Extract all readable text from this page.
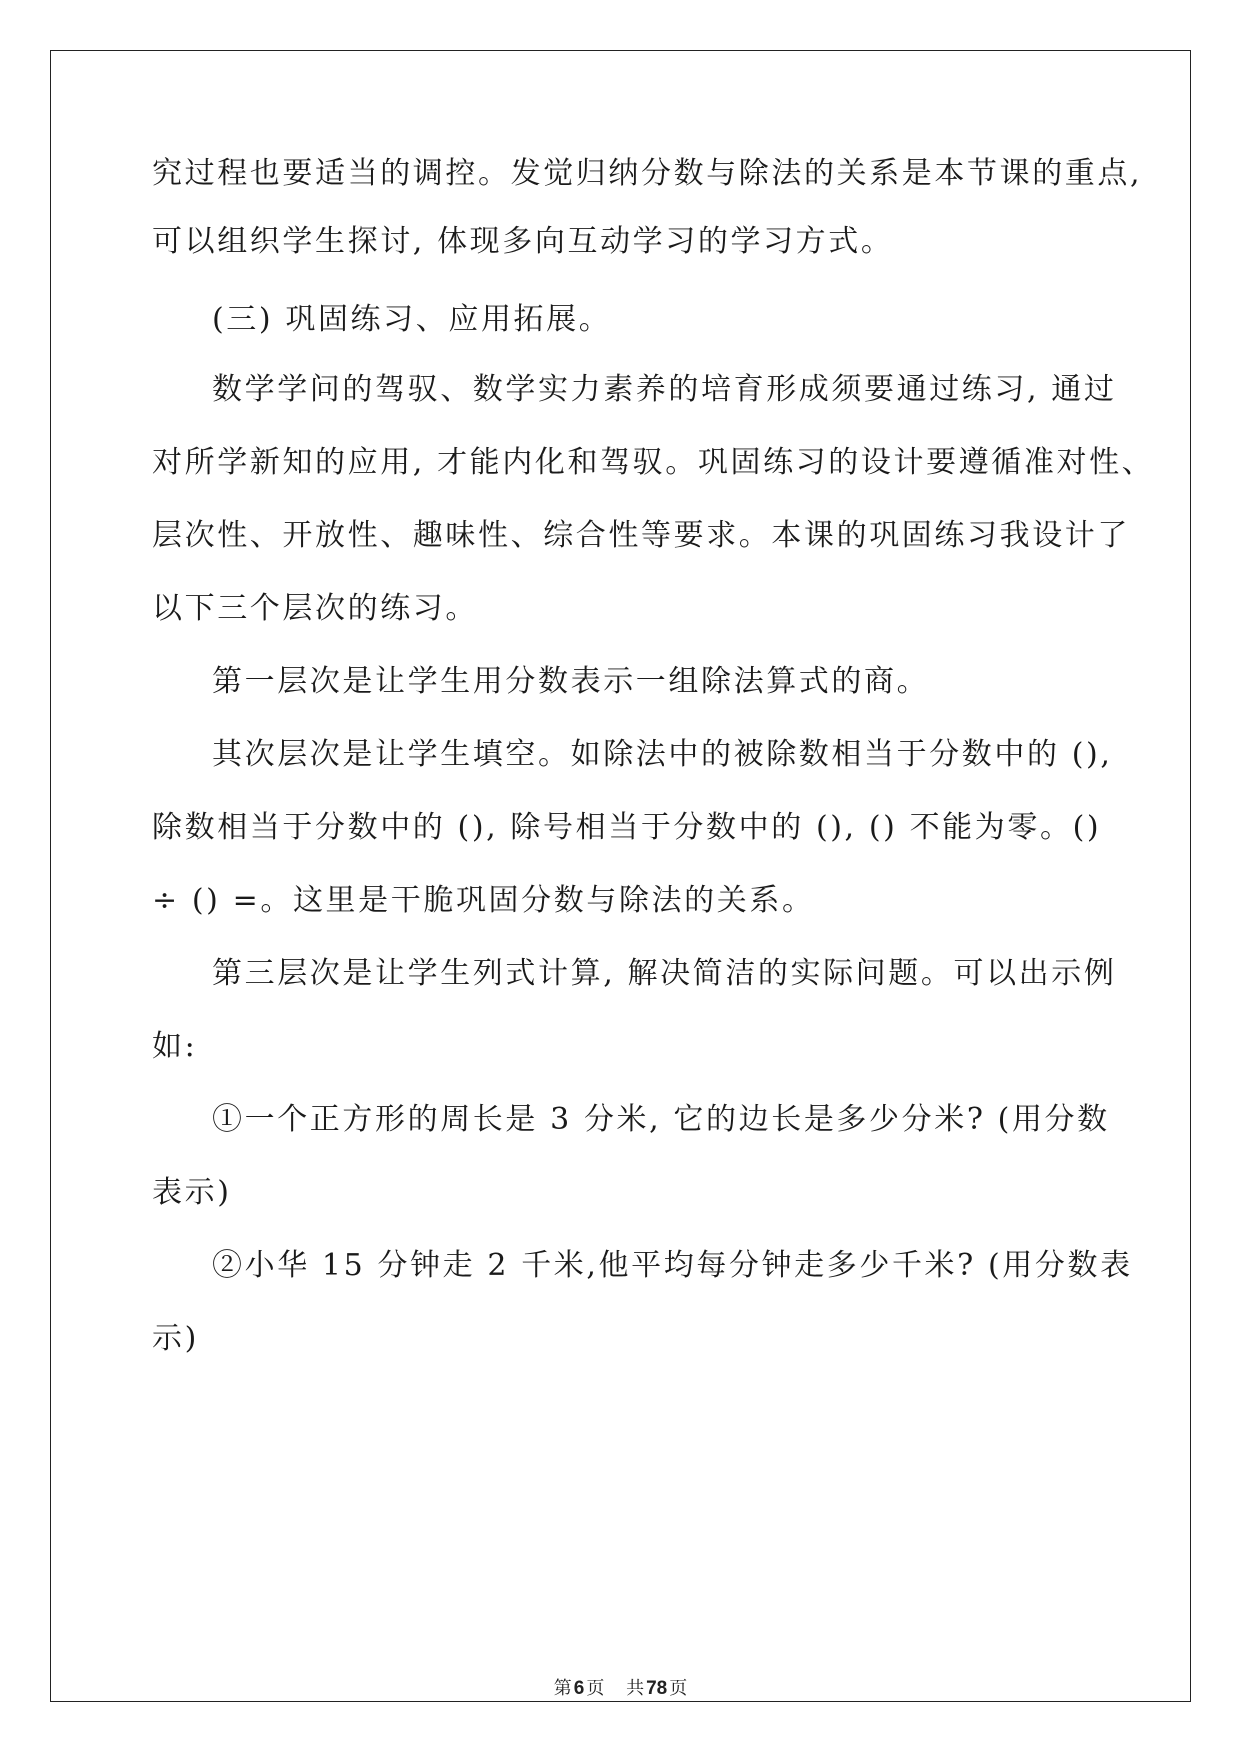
究过程也要适当的调控。发觉归纳分数与除法的关系是本节课的重点,
可以组织学生探讨, 体现多向互动学习的学习方式。
(三) 巩固练习、应用拓展。
数学学问的驾驭、数学实力素养的培育形成须要通过练习, 通过
对所学新知的应用, 才能内化和驾驭。巩固练习的设计要遵循准对性、
层次性、开放性、趣味性、综合性等要求。本课的巩固练习我设计了
以下三个层次的练习。
第一层次是让学生用分数表示一组除法算式的商。
其次层次是让学生填空。如除法中的被除数相当于分数中的 (),
除数相当于分数中的 (), 除号相当于分数中的 (), () 不能为零。()
÷ () =。这里是干脆巩固分数与除法的关系。
第三层次是让学生列式计算, 解决简洁的实际问题。可以出示例
如:
①一个正方形的周长是 3 分米, 它的边长是多少分米? (用分数
表示)
②小华 15 分钟走 2 千米,他平均每分钟走多少千米? (用分数表
示)
第 6 页 共 78 页
